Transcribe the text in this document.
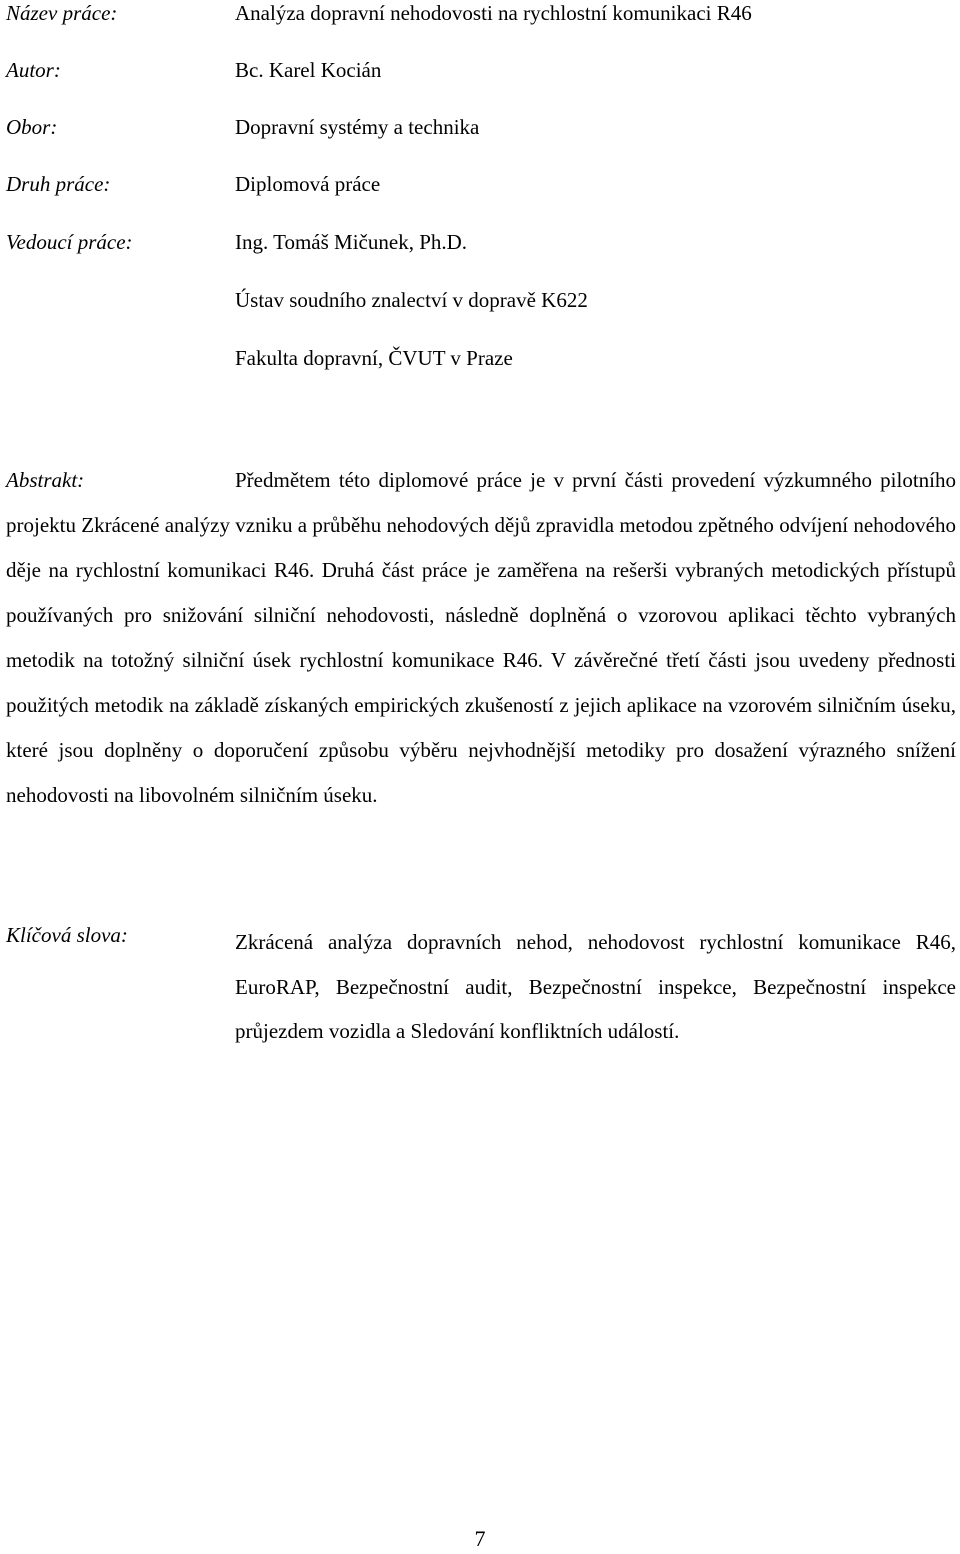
Název práce:	Analýza dopravní nehodovosti na rychlostní komunikaci R46
Autor:	Bc. Karel Kocián
Obor:	Dopravní systémy a technika
Druh práce:	Diplomová práce
Vedoucí práce:	Ing. Tomáš Mičunek, Ph.D.
Ústav soudního znalectví v dopravě K622
Fakulta dopravní, ČVUT v Praze
Abstrakt:	Předmětem této diplomové práce je v první části provedení výzkumného pilotního projektu Zkrácené analýzy vzniku a průběhu nehodových dějů zpravidla metodou zpětného odvíjení nehodového děje na rychlostní komunikaci R46. Druhá část práce je zaměřena na rešerši vybraných metodických přístupů používaných pro snižování silniční nehodovosti, následně doplněná o vzorovou aplikaci těchto vybraných metodik na totožný silniční úsek rychlostní komunikace R46. V závěrečné třetí části jsou uvedeny přednosti použitých metodik na základě získaných empirických zkušeností z jejich aplikace na vzorovém silničním úseku, které jsou doplněny o doporučení způsobu výběru nejvhodnější metodiky pro dosažení výrazného snížení nehodovosti na libovolném silničním úseku.
Klíčová slova:	Zkrácená analýza dopravních nehod, nehodovost rychlostní komunikace R46, EuroRAP, Bezpečnostní audit, Bezpečnostní inspekce, Bezpečnostní inspekce průjezdem vozidla a Sledování konfliktních událostí.
7
